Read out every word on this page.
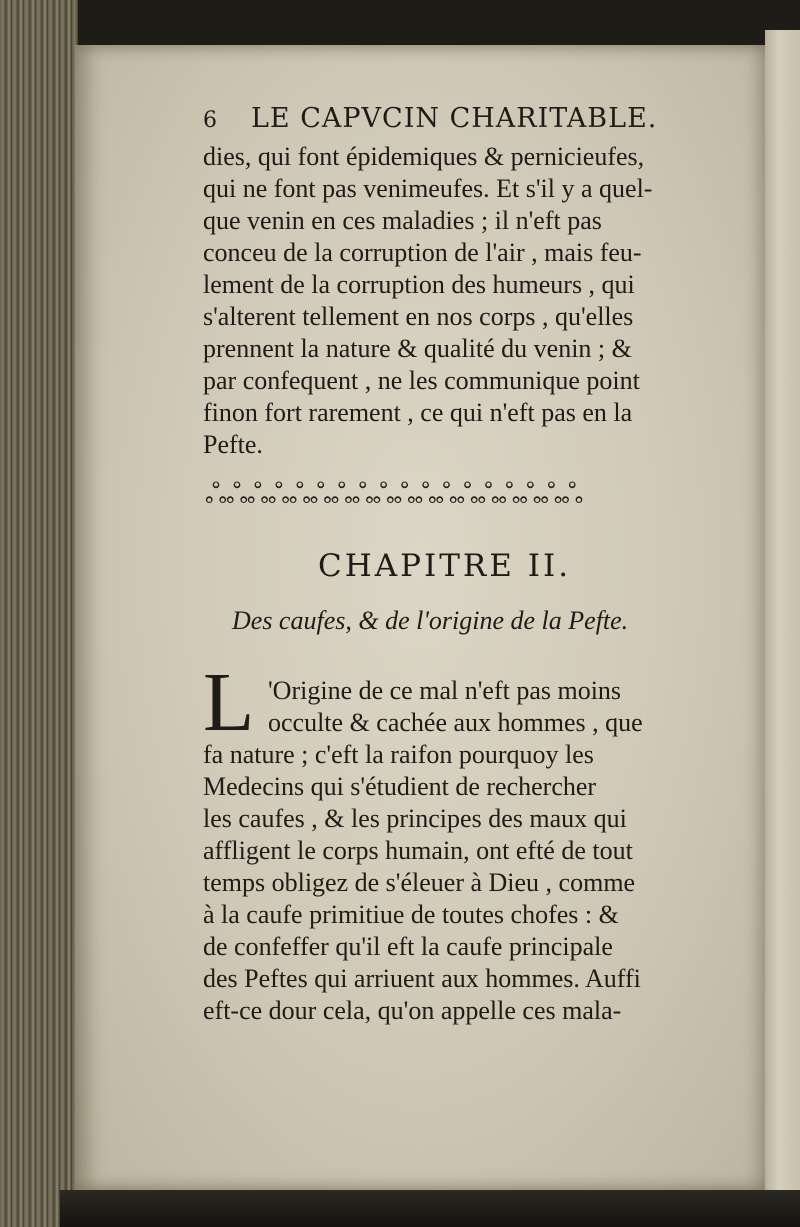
6 LE CAPVCIN CHARITABLE.
dies, qui font épidemiques & pernicieufes,
qui ne font pas venimeufes. Et s'il y a quel-
que venin en ces maladies ; il n'eft pas
conceu de la corruption de l'air , mais feu-
lement de la corruption des humeurs , qui
s'alterent tellement en nos corps , qu'elles
prennent la nature & qualité du venin ; &
par confequent , ne les communique point
finon fort rarement , ce qui n'eft pas en la
Pefte.
ஃஃஃஃஃஃஃஃஃஃஃஃஃஃஃஃஃஃ
CHAPITRE II.
Des caufes, & de l'origine de la Pefte.
L 'Origine de ce mal n'eft pas moins
occulte & cachée aux hommes , que
fa nature ; c'eft la raifon pourquoy les
Medecins qui s'étudient de rechercher
les caufes , & les principes des maux qui
affligent le corps humain, ont efté de tout
temps obligez de s'éleuer à Dieu , comme
à la caufe primitiue de toutes chofes : &
de confeffer qu'il eft la caufe principale
des Peftes qui arriuent aux hommes. Auffi
eft-ce dour cela, qu'on appelle ces mala-
